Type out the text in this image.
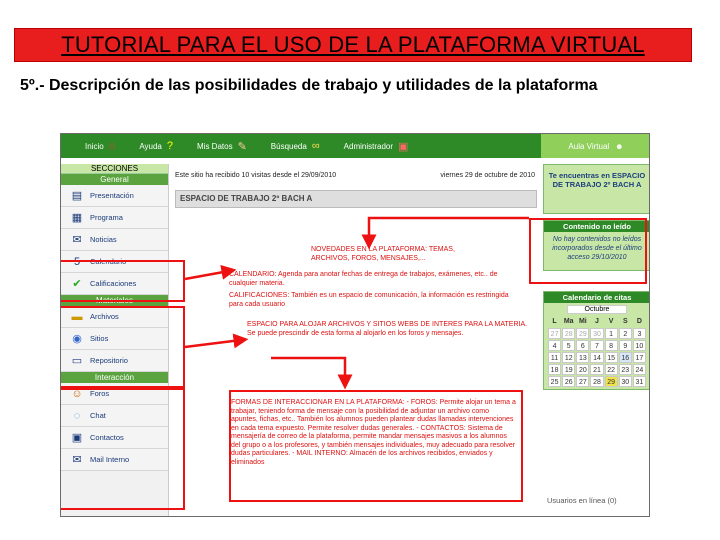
TUTORIAL PARA EL USO DE LA PLATAFORMA VIRTUAL
5º.- Descripción de las posibilidades de trabajo y utilidades de la plataforma
Inicio ⌂	Ayuda ?	Mis Datos ✎	Búsqueda ∞	Administrador ▣	Aula Virtual ☻
SECCIONES
General
▤	Presentación
▦	Programa
✉	Noticias
5	Calendario
✔	Calificaciones
Materiales
▬	Archivos
◉	Sitios
▭	Repositorio
Interacción
☺ Foros
◌	Chat
▣	Contactos
✉	Mail Interno
Este sitio ha recibido 10 visitas desde el 29/09/2010	viernes 29 de octubre de 2010
ESPACIO DE TRABAJO 2º BACH A
NOVEDADES EN LA PLATAFORMA: TEMAS, ARCHIVOS, FOROS, MENSAJES,...
CALENDARIO: Agenda para anotar fechas de entrega de trabajos, exámenes, etc.. de cualquier materia.
CALIFICACIONES: También es un espacio de comunicación, la información es restringida para cada usuario
ESPACIO PARA ALOJAR ARCHIVOS Y SITIOS WEBS DE INTERES PARA LA MATERIA. Se puede prescindir de esta forma al alojarlo en los foros y mensajes.
FORMAS DE INTERACCIONAR EN LA PLATAFORMA: - FOROS: Permite alojar un tema a trabajar, teniendo forma de mensaje con la posibilidad de adjuntar un archivo como apuntes, fichas, etc.. También los alumnos pueden plantear dudas llamadas intervenciones en cada tema expuesto. Permite resolver dudas generales. - CONTACTOS: Sistema de mensajería de correo de la plataforma, permite mandar mensajes masivos a los alumnos del grupo o a los profesores, y también mensajes individuales, muy adecuado para resolver dudas particulares. - MAIL INTERNO: Almacén de los archivos recibidos, enviados y eliminados
Te encuentras en ESPACIO DE TRABAJO 2º BACH A
Contenido no leído
No hay contenidos no leídos incorporados desde el último acceso 29/10/2010
Calendario de citas
Octubre
L	Ma Mi	J	V	S	D
27 28 29 30	1	2	3
4	5	6	7	8	9	10
11 12 13 14 15 16 17
18 19 20 21 22 23 24
25 26 27 28 29 30 31
Usuarios en línea (0)
